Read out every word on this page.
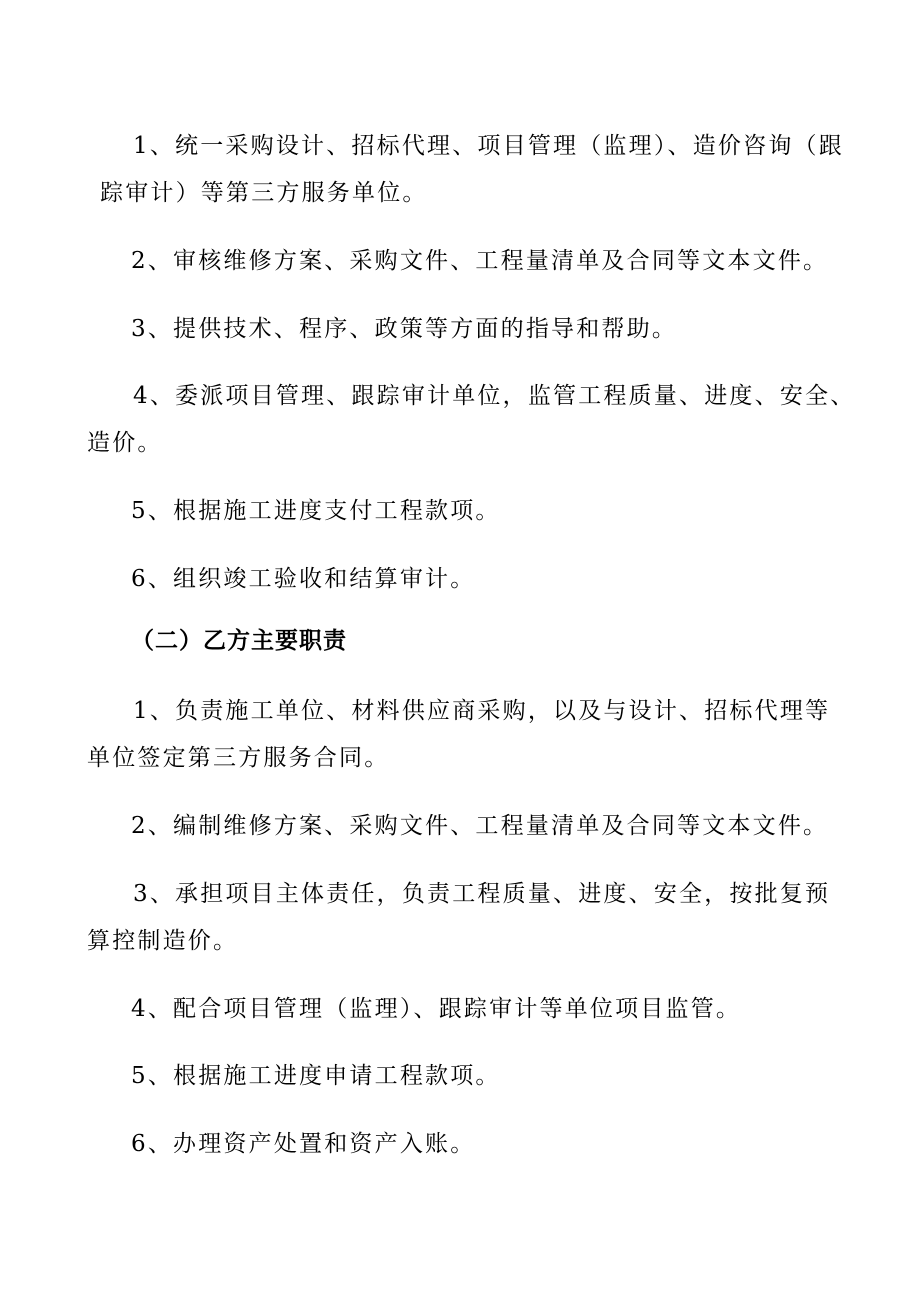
1、统一采购设计、招标代理、项目管理（监理）、造价咨询（跟
踪审计）等第三方服务单位。
2、审核维修方案、采购文件、工程量清单及合同等文本文件。
3、提供技术、程序、政策等方面的指导和帮助。
4、委派项目管理、跟踪审计单位，监管工程质量、进度、安全、
造价。
5、根据施工进度支付工程款项。
6、组织竣工验收和结算审计。
（二）乙方主要职责
1、负责施工单位、材料供应商采购，以及与设计、招标代理等
单位签定第三方服务合同。
2、编制维修方案、采购文件、工程量清单及合同等文本文件。
3、承担项目主体责任，负责工程质量、进度、安全，按批复预
算控制造价。
4、配合项目管理（监理）、跟踪审计等单位项目监管。
5、根据施工进度申请工程款项。
6、办理资产处置和资产入账。
